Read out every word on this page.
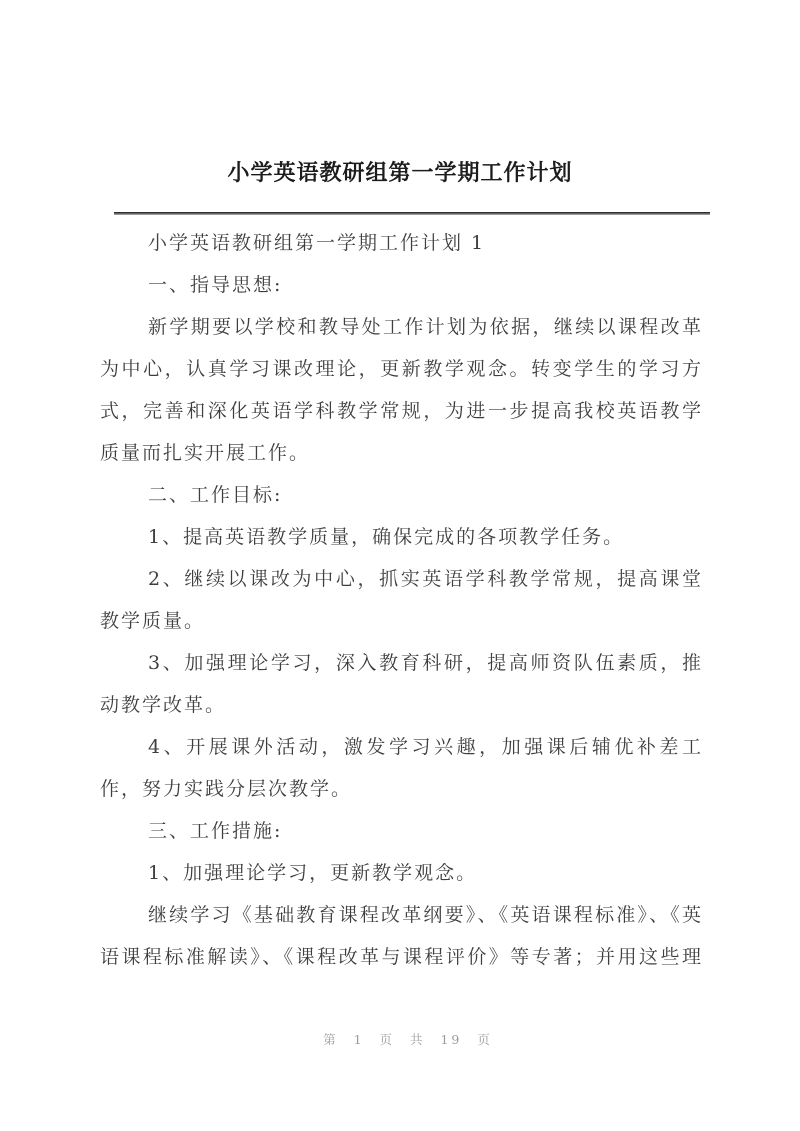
小学英语教研组第一学期工作计划
小学英语教研组第一学期工作计划 1
一、指导思想:
新学期要以学校和教导处工作计划为依据，继续以课程改革
为中心，认真学习课改理论，更新教学观念。转变学生的学习方
式，完善和深化英语学科教学常规，为进一步提高我校英语教学
质量而扎实开展工作。
二、工作目标:
1、提高英语教学质量，确保完成的各项教学任务。
2、继续以课改为中心，抓实英语学科教学常规，提高课堂
教学质量。
3、加强理论学习，深入教育科研，提高师资队伍素质，推
动教学改革。
4、开展课外活动，激发学习兴趣，加强课后辅优补差工
作，努力实践分层次教学。
三、工作措施:
1、加强理论学习，更新教学观念。
继续学习《基础教育课程改革纲要》、《英语课程标准》、《英
语课程标准解读》、《课程改革与课程评价》等专著；并用这些理
第 1 页 共 19 页
